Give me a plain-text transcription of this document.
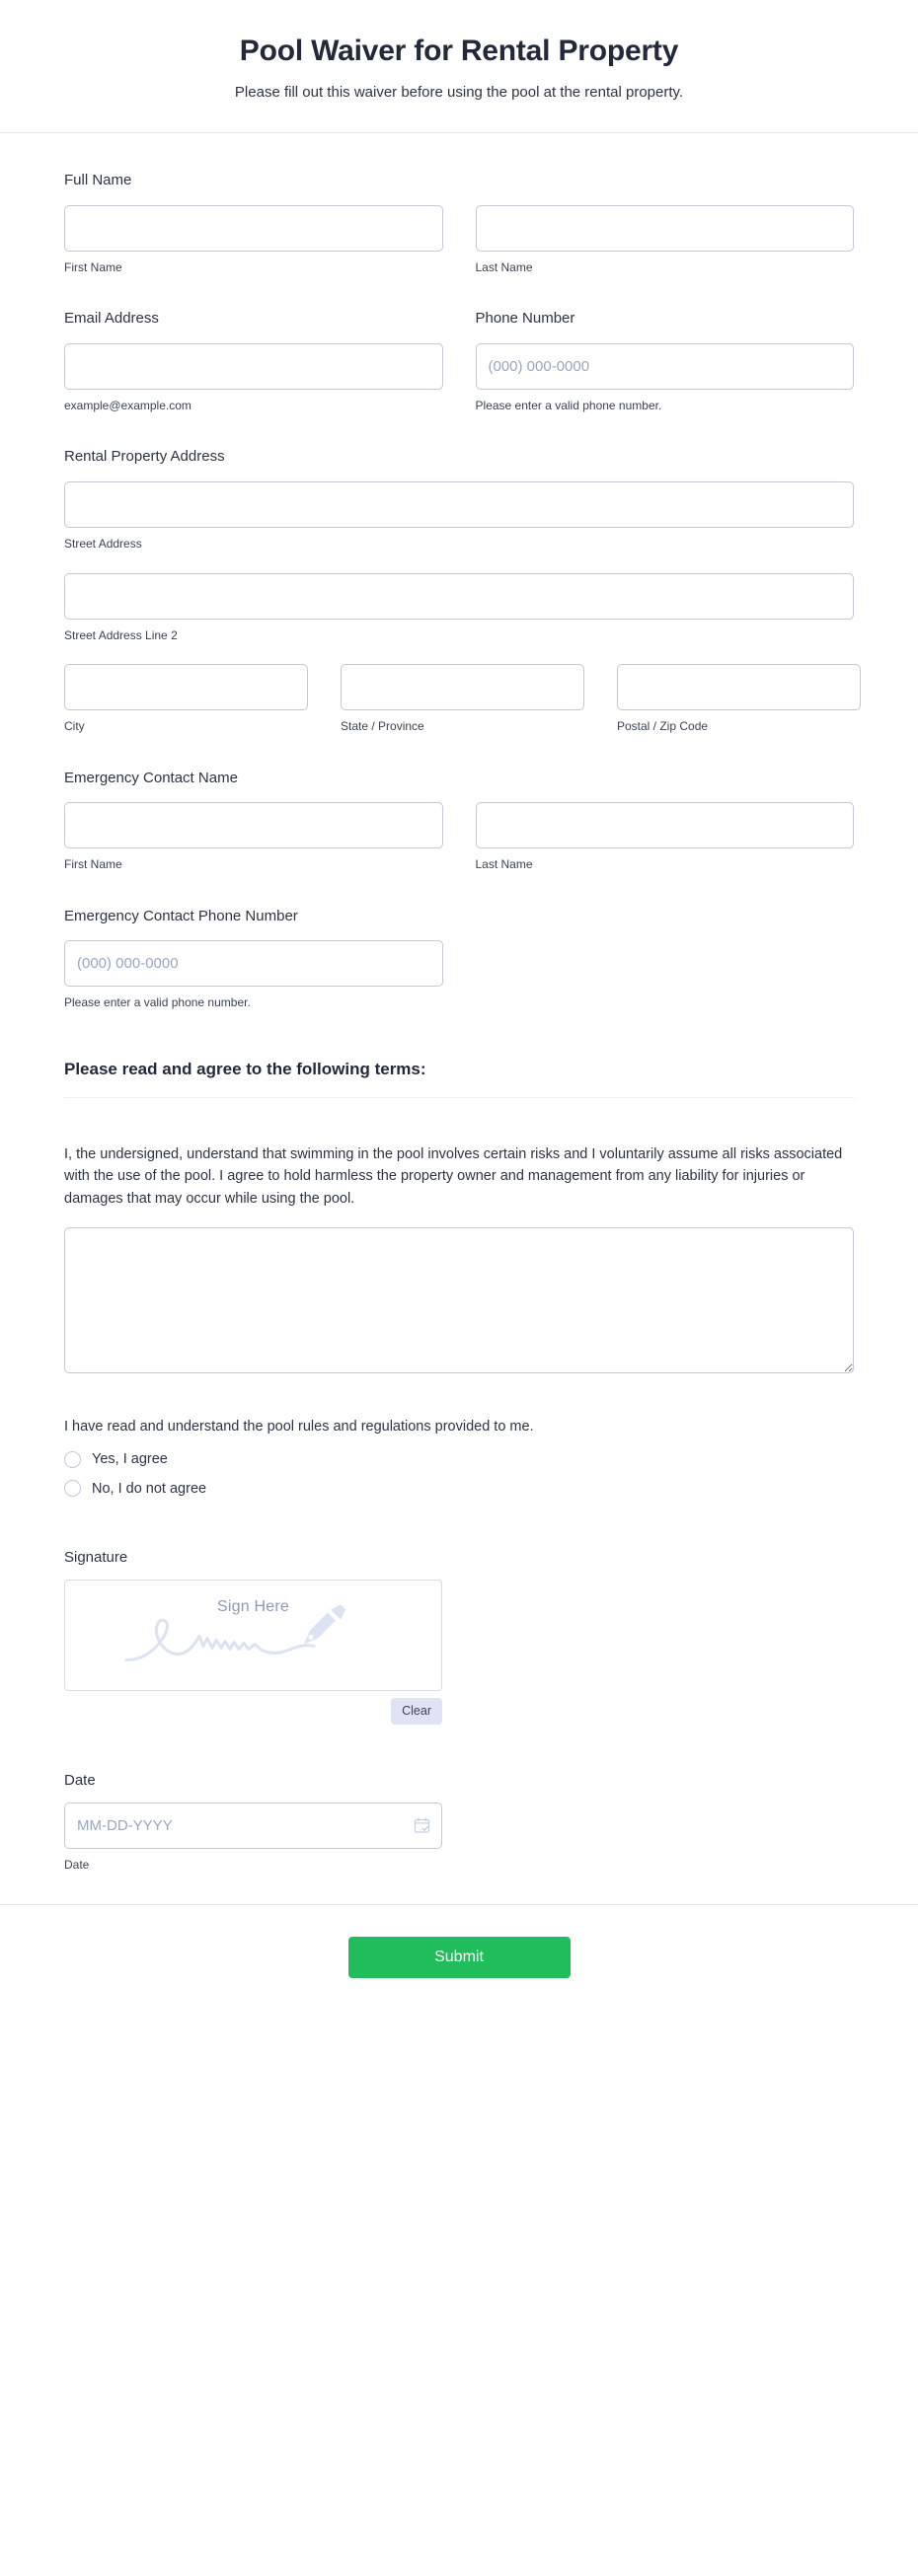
Pool Waiver for Rental Property

Please fill out this waiver before using the pool at the rental property.

Full Name
First Name	Last Name
Email Address
example@example.com
Phone Number
(000) 000-0000
Please enter a valid phone number.
Rental Property Address
Street Address
Street Address Line 2
City	State / Province	Postal / Zip Code
Emergency Contact Name
First Name	Last Name
Emergency Contact Phone Number
(000) 000-0000
Please enter a valid phone number.
Please read and agree to the following terms:

I, the undersigned, understand that swimming in the pool involves certain risks and I voluntarily assume all risks associated with the use of the pool. I agree to hold harmless the property owner and management from any liability for injuries or damages that may occur while using the pool.

I have read and understand the pool rules and regulations provided to me.

Yes, I agree
No, I do not agree
Signature
Sign Here
Clear
Date
MM-DD-YYYY
Date
Submit
